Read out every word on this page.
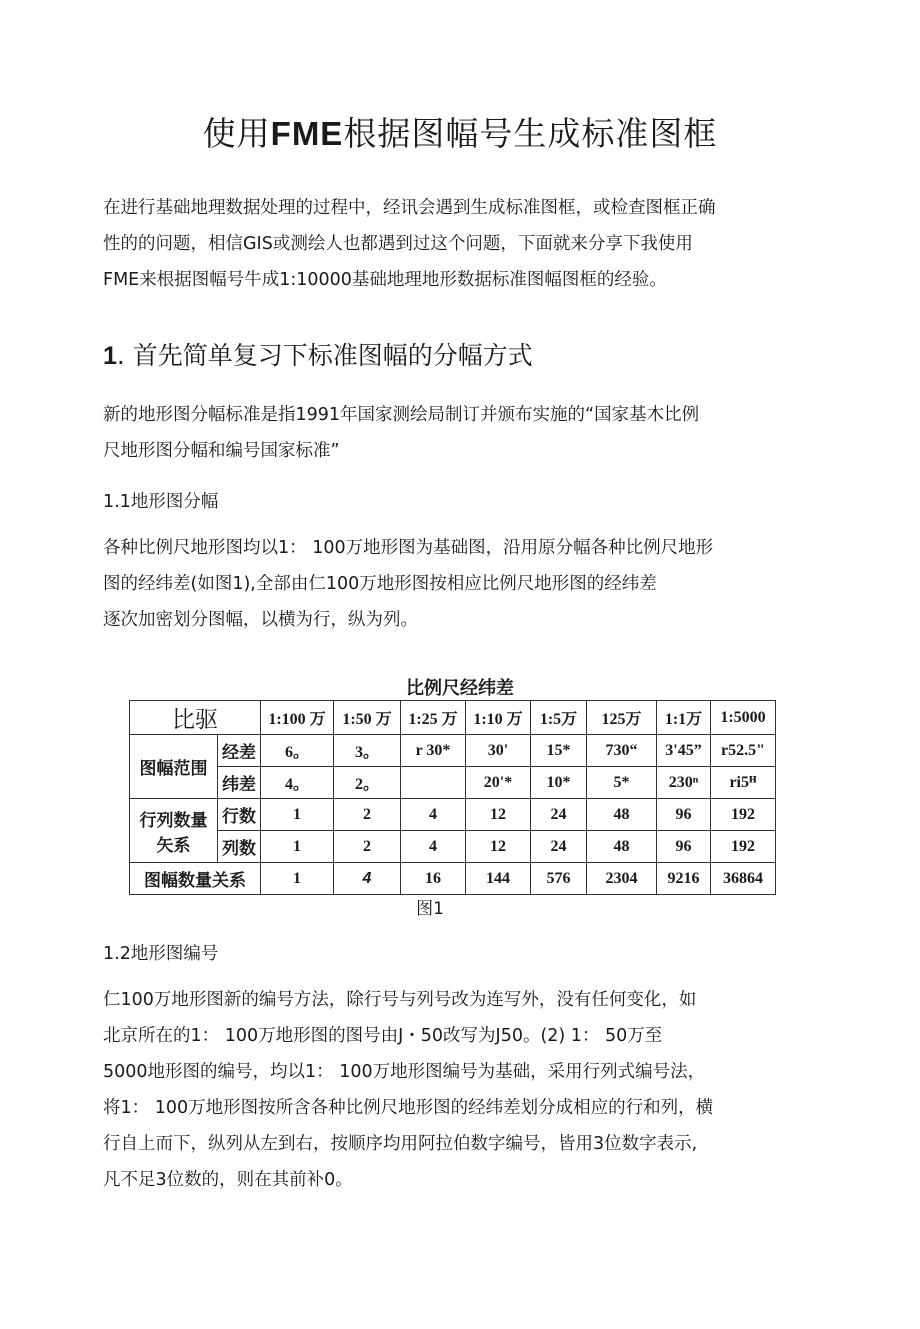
使用FME根据图幅号生成标准图框
在进行基础地理数据处理的过程中，经讯会遇到生成标准图框，或检查图框正确
性的的问题，相信GIS或测绘人也都遇到过这个问题，下面就来分享下我使用
FME来根据图幅号牛成1:10000基础地理地形数据标准图幅图框的经验。
1. 首先简单复习下标准图幅的分幅方式
新的地形图分幅标准是指1991年国家测绘局制订并颁布实施的“国家基木比例
尺地形图分幅和编号国家标准”
1.1地形图分幅
各种比例尺地形图均以1： 100万地形图为基础图，沿用原分幅各种比例尺地形
图的经纬差(如图1),全部由仁100万地形图按相应比例尺地形图的经纬差
逐次加密划分图幅，以横为行，纵为列。
比例尺经纬差
比驱		1:100 万	1:50 万	1:25 万	1:10 万	1:5万	125万	1:1万	1:5000
图幅范围	经差	6。	3。	r 30*	30'	15*	730“	3'45”	r52.5"
	纬差	4。	2。		20'*	10*	5*	230ⁿ	ri5ᴴ
行列数量
矢系	行数	1	2	4	12	24	48	96	192
	列数	1	2	4	12	24	48	96	192
图幅数量关系		1	4	16	144	576	2304	9216	36864
图1
1.2地形图编号
仁100万地形图新的编号方法，除行号与列号改为连写外，没有任何变化，如
北京所在的1： 100万地形图的图号由J・50改写为J50。(2) 1： 50万至
5000地形图的编号，均以1： 100万地形图编号为基础，采用行列式编号法，
将1： 100万地形图按所含各种比例尺地形图的经纬差划分成相应的行和列，横
行自上而下，纵列从左到右，按顺序均用阿拉伯数字编号，皆用3位数字表示,
凡不足3位数的，则在其前补0。
